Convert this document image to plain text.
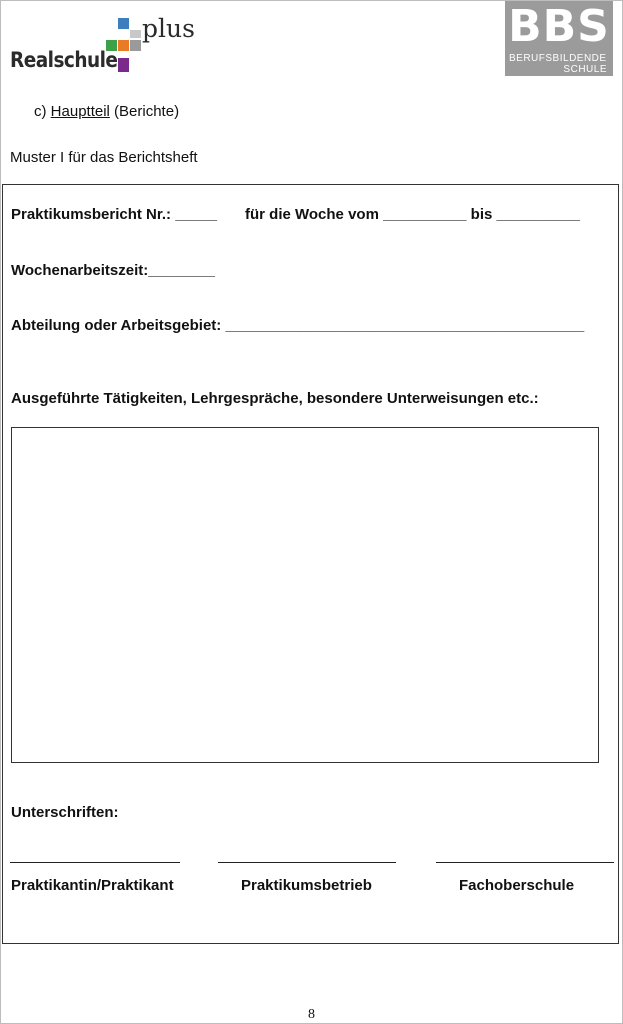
Realschule
plus	BBS
BERUFSBILDENDE
SCHULE
c) Hauptteil (Berichte)
Muster I für das Berichtsheft
Praktikumsbericht Nr.: _____ für die Woche vom __________ bis __________
Wochenarbeitszeit:________
Abteilung oder Arbeitsgebiet: ___________________________________________
Ausgeführte Tätigkeiten, Lehrgespräche, besondere Unterweisungen etc.:
Unterschriften:
Praktikantin/Praktikant	Praktikumsbetrieb	Fachoberschule
8
